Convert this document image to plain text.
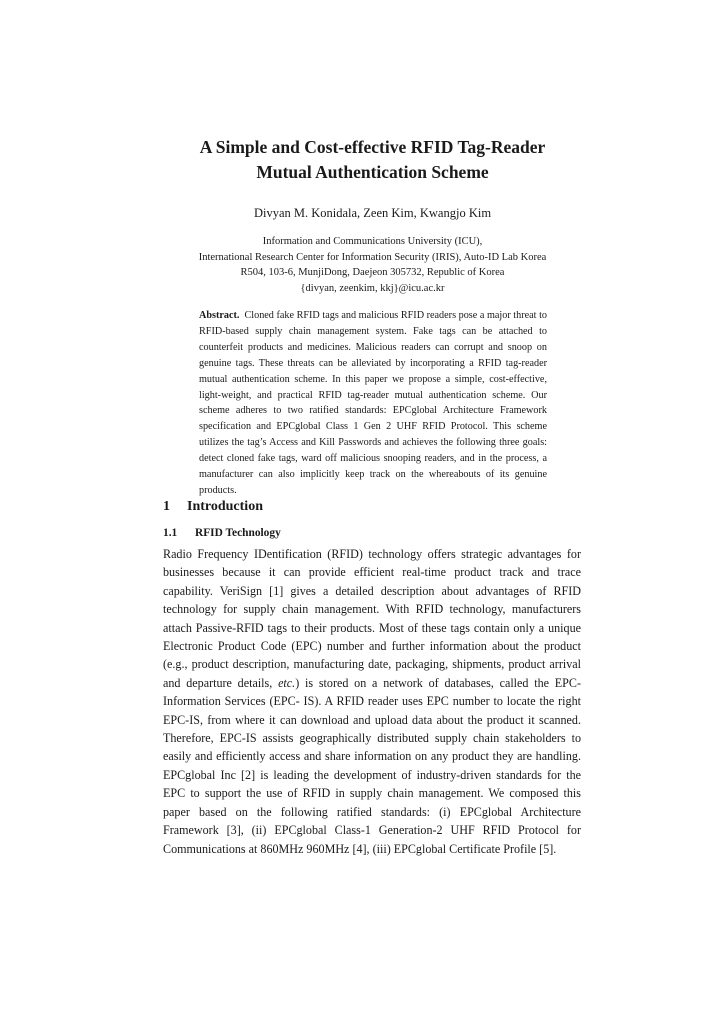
A Simple and Cost-effective RFID Tag-Reader
Mutual Authentication Scheme
Divyan M. Konidala, Zeen Kim, Kwangjo Kim
Information and Communications University (ICU),
International Research Center for Information Security (IRIS), Auto-ID Lab Korea
R504, 103-6, MunjiDong, Daejeon 305732, Republic of Korea
{divyan, zeenkim, kkj}@icu.ac.kr
Abstract. Cloned fake RFID tags and malicious RFID readers pose a major threat to RFID-based supply chain management system. Fake tags can be attached to counterfeit products and medicines. Malicious readers can corrupt and snoop on genuine tags. These threats can be alleviated by incorporating a RFID tag-reader mutual authentication scheme. In this paper we propose a simple, cost-effective, light-weight, and practical RFID tag-reader mutual authentication scheme. Our scheme adheres to two ratified standards: EPCglobal Architecture Framework specification and EPCglobal Class 1 Gen 2 UHF RFID Protocol. This scheme utilizes the tag’s Access and Kill Passwords and achieves the following three goals: detect cloned fake tags, ward off malicious snooping readers, and in the process, a manufacturer can also implicitly keep track on the whereabouts of its genuine products.
1 Introduction
1.1 RFID Technology
Radio Frequency IDentification (RFID) technology offers strategic advantages for businesses because it can provide efficient real-time product track and trace capability. VeriSign [1] gives a detailed description about advantages of RFID technology for supply chain management. With RFID technology, manufacturers attach Passive-RFID tags to their products. Most of these tags contain only a unique Electronic Product Code (EPC) number and further information about the product (e.g., product description, manufacturing date, packaging, shipments, product arrival and departure details, etc.) is stored on a network of databases, called the EPC-Information Services (EPC- IS). A RFID reader uses EPC number to locate the right EPC-IS, from where it can download and upload data about the product it scanned. Therefore, EPC-IS assists geographically distributed supply chain stakeholders to easily and efficiently access and share information on any product they are handling. EPCglobal Inc [2] is leading the development of industry-driven standards for the EPC to support the use of RFID in supply chain management. We composed this paper based on the following ratified standards: (i) EPCglobal Architecture Framework [3], (ii) EPCglobal Class-1 Generation-2 UHF RFID Protocol for Communications at 860MHz 960MHz [4], (iii) EPCglobal Certificate Profile [5].
